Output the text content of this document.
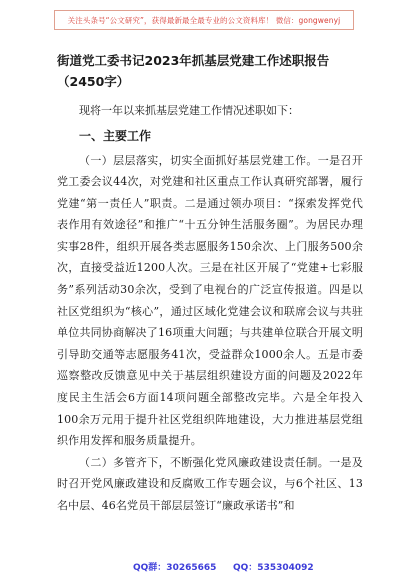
关注头条号“公文研究”，获得最新最全最专业的公文资料库！ 微信：gongwenyj
街道党工委书记2023年抓基层党建工作述职报告（2450字）

现将一年以来抓基层党建工作情况述职如下：

一、主要工作

（一）层层落实，切实全面抓好基层党建工作。一是召开党工委会议44次，对党建和社区重点工作认真研究部署，履行党建“第一责任人”职责。二是通过领办项目：“探索发挥党代表作用有效途径”和推广“十五分钟生活服务圈”。为居民办理实事28件，组织开展各类志愿服务150余次、上门服务500余次，直接受益近1200人次。三是在社区开展了“党建+七彩服务”系列活动30余次，受到了电视台的广泛宣传报道。四是以社区党组织为“核心”，通过区域化党建会议和联席会议与共驻单位共同协商解决了16项重大问题；与共建单位联合开展文明引导助交通等志愿服务41次，受益群众1000余人。五是市委巡察整改反馈意见中关于基层组织建设方面的问题及2022年度民主生活会6方面14项问题全部整改完毕。六是全年投入100余万元用于提升社区党组织阵地建设，大力推进基层党组织作用发挥和服务质量提升。

（二）多管齐下，不断强化党风廉政建设责任制。一是及时召开党风廉政建设和反腐败工作专题会议，与6个社区、13名中层、46名党员干部层层签订“廉政承诺书”和

QQ群：30265665 QQ：535304092
